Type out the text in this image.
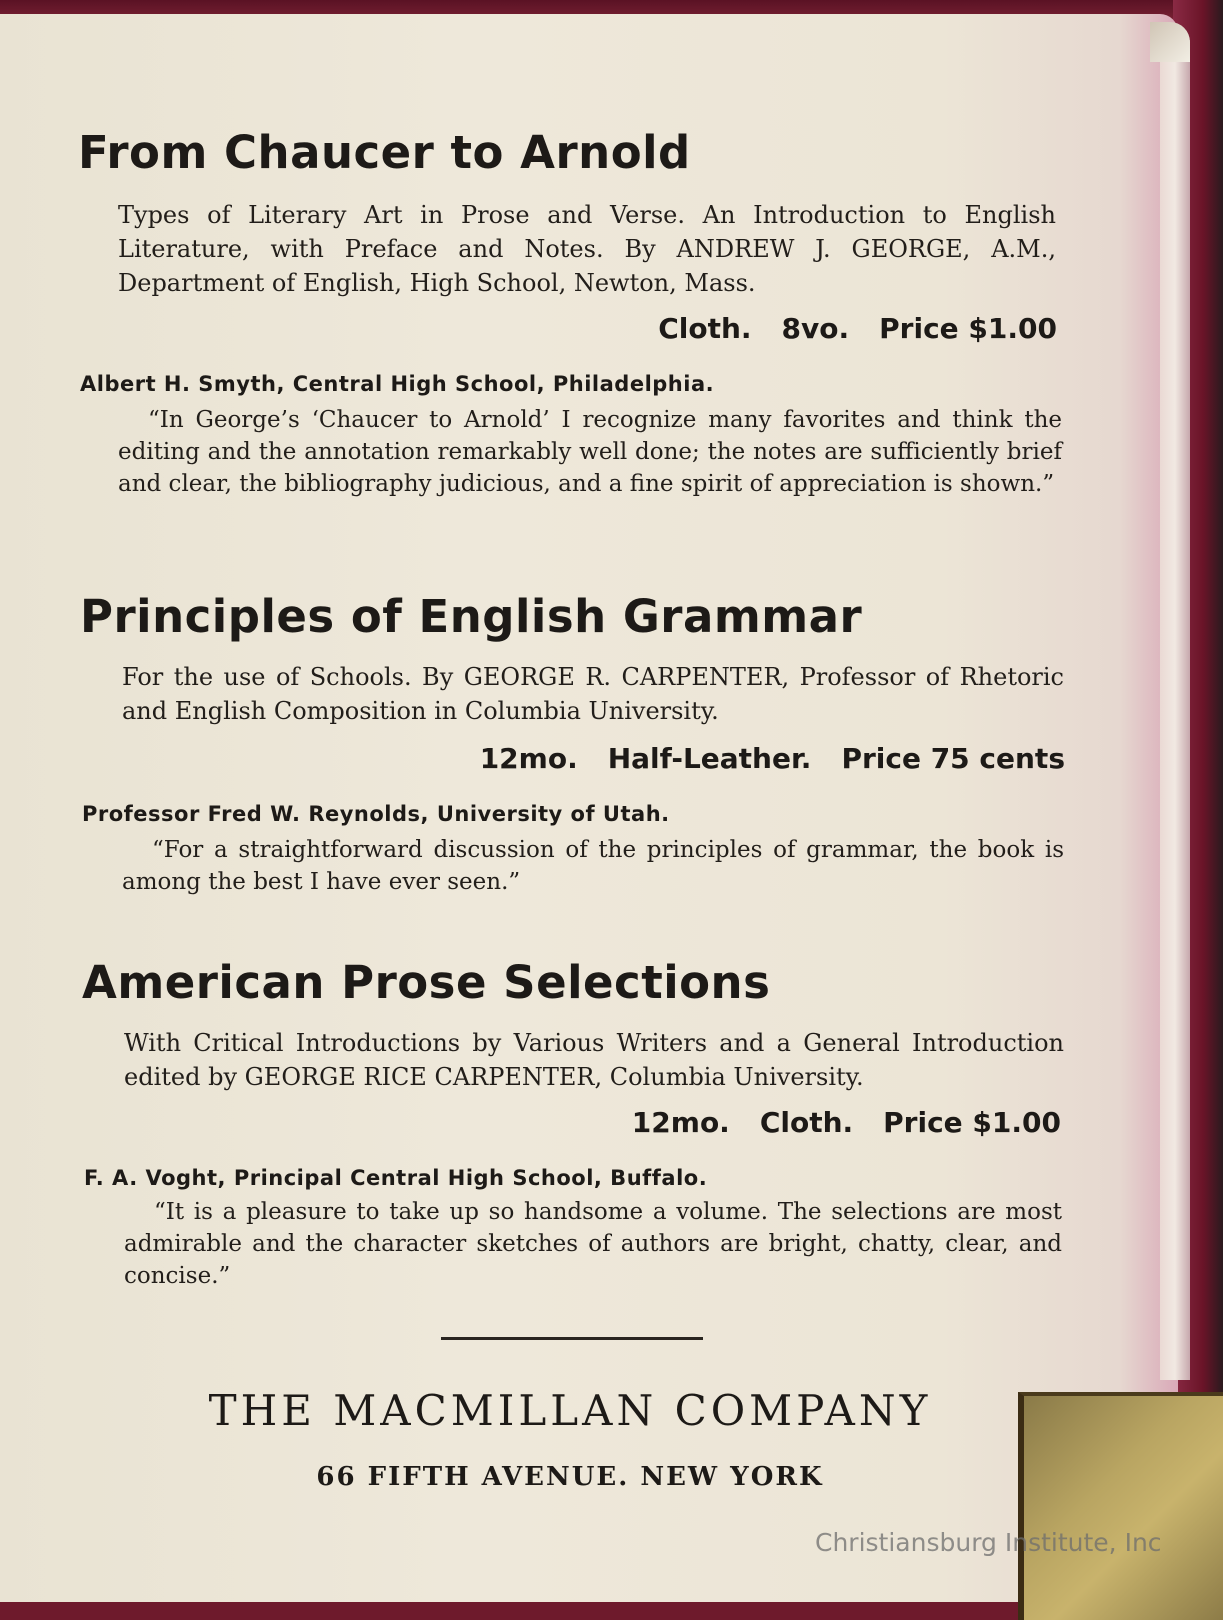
From Chaucer to Arnold
Types of Literary Art in Prose and Verse. An Introduction to English Literature, with Preface and Notes. By ANDREW J. GEORGE, A.M., Department of English, High School, Newton, Mass.
Cloth. 8vo. Price $1.00
Albert H. Smyth, Central High School, Philadelphia.
“In George’s ‘Chaucer to Arnold’ I recognize many favorites and think the editing and the annotation remarkably well done; the notes are sufficiently brief and clear, the bibliography judicious, and a fine spirit of appreciation is shown.”
Principles of English Grammar
For the use of Schools. By GEORGE R. CARPENTER, Professor of Rhetoric and English Composition in Columbia University.
12mo. Half-Leather. Price 75 cents
Professor Fred W. Reynolds, University of Utah.
“For a straightforward discussion of the principles of grammar, the book is among the best I have ever seen.”
American Prose Selections
With Critical Introductions by Various Writers and a General Introduction edited by GEORGE RICE CARPENTER, Columbia University.
12mo. Cloth. Price $1.00
F. A. Voght, Principal Central High School, Buffalo.
“It is a pleasure to take up so handsome a volume. The selections are most admirable and the character sketches of authors are bright, chatty, clear, and concise.”
THE MACMILLAN COMPANY
66 FIFTH AVENUE. NEW YORK
Christiansburg Institute, Inc
